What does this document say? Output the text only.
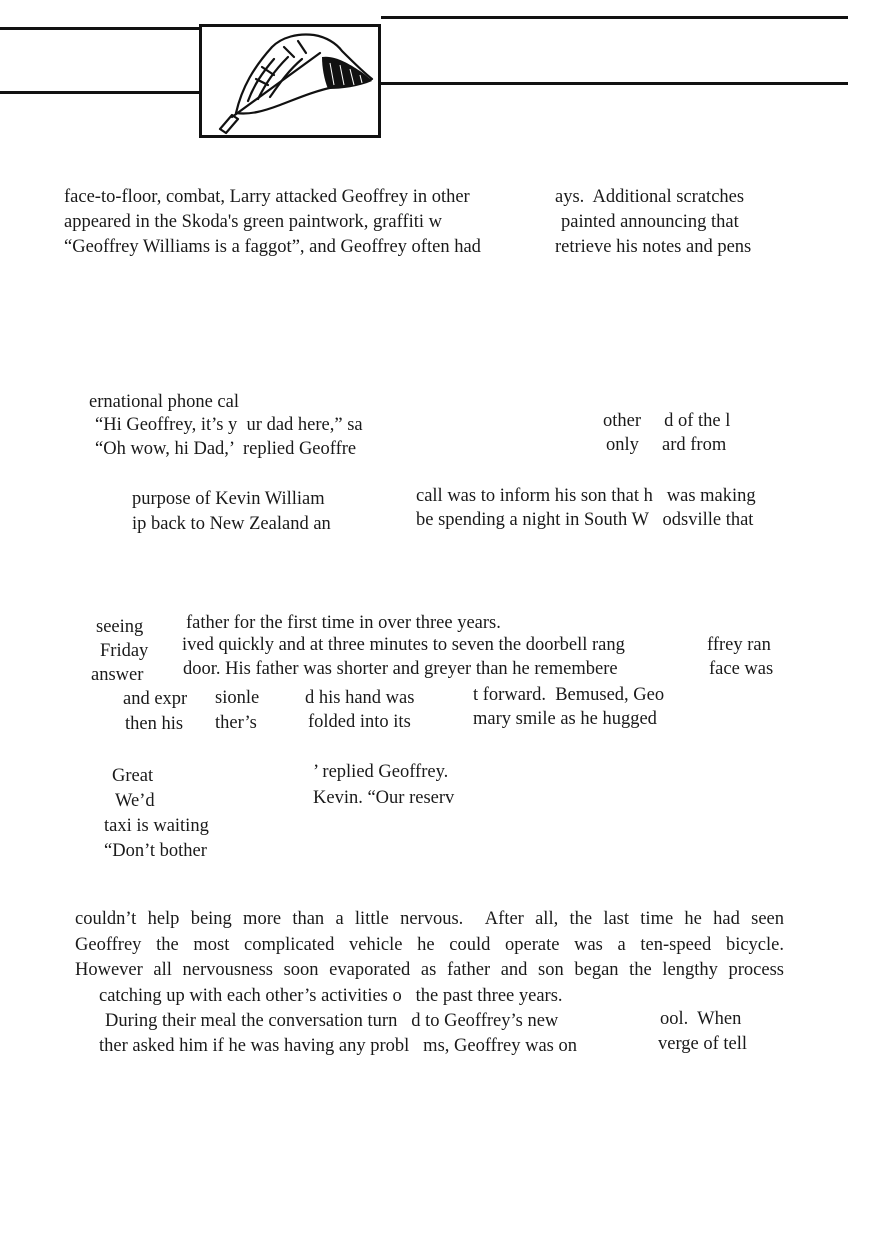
face-to-floor, combat, Larry attacked Geoffrey in other	ays.  Additional scratches
appeared in the Skoda's green paintwork, graffiti w	painted announcing that
“Geoffrey Williams is a faggot”, and Geoffrey often had	retrieve his notes and pens
ernational phone cal
“Hi Geoffrey, it’s y  ur dad here,” sa	other     d of the l
“Oh wow, hi Dad,’  replied Geoffre	only     ard from
purpose of Kevin William	call was to inform his son that h   was making
ip back to New Zealand an	be spending a night in South W   odsville that
seeing father for the first time in over three years.
Friday ived quickly and at three minutes to seven the doorbell rang	ffrey ran
answer door. His father was shorter and greyer than he remembere	face was
and expr sionle d his hand was	t forward.  Bemused, Geo
then his ther’s	folded into its	mary smile as he hugged
Great	’ replied Geoffrey.
We’d	Kevin. “Our reserv
taxi is waiting
“Don’t bother
couldn’t help being more than a little nervous.  After all, the last time he had seen
Geoffrey the most complicated vehicle he could operate was a ten-speed bicycle.
However all nervousness soon evaporated as father and son began the lengthy process
catching up with each other’s activities o   the past three years.
During their meal the conversation turn   d to Geoffrey’s new	ool.  When
ther asked him if he was having any probl   ms, Geoffrey was on	verge of tell
